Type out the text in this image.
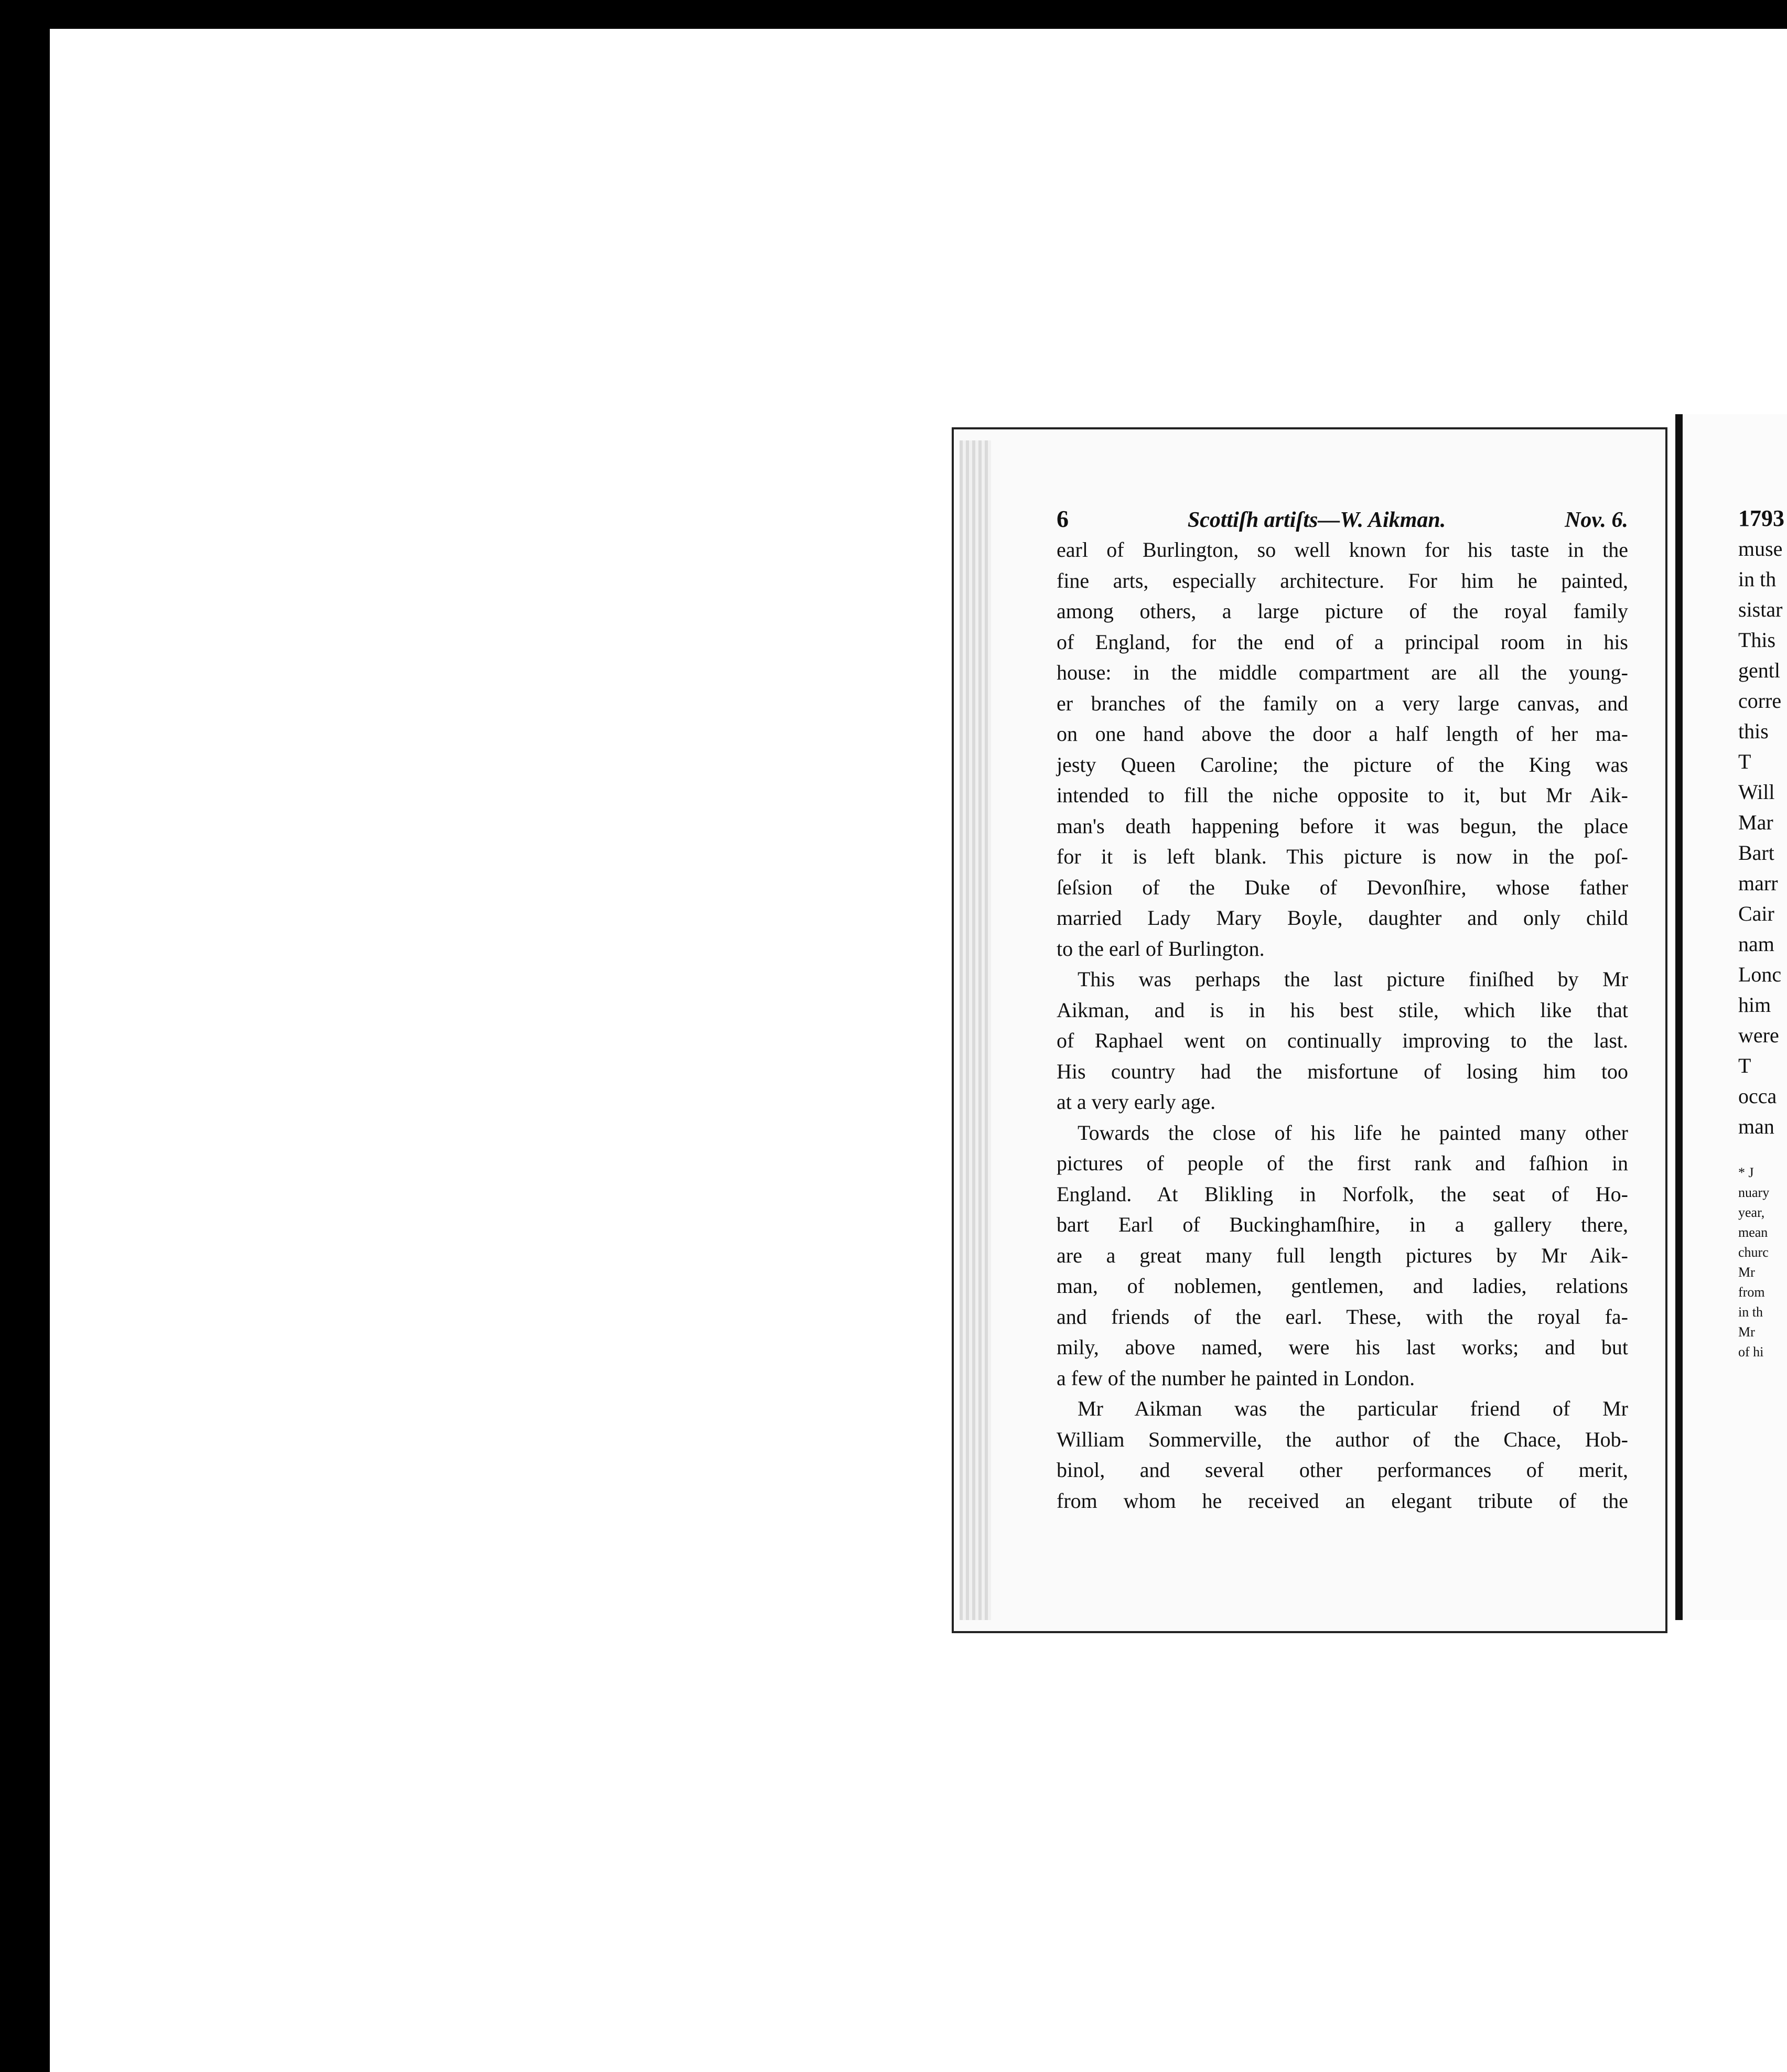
6	Scottiſh artiſts—W. Aikman.	Nov. 6.
earl of Burlington, so well known for his taste in the
fine arts, especially architecture. For him he painted,
among others, a large picture of the royal family
of England, for the end of a principal room in his
house: in the middle compartment are all the young-
er branches of the family on a very large canvas, and
on one hand above the door a half length of her ma-
jesty Queen Caroline; the picture of the King was
intended to fill the niche opposite to it, but Mr Aik-
man's death happening before it was begun, the place
for it is left blank. This picture is now in the poſ-
ſeſsion of the Duke of Devonſhire, whose father
married Lady Mary Boyle, daughter and only child
to the earl of Burlington.
This was perhaps the last picture finiſhed by Mr
Aikman, and is in his best stile, which like that
of Raphael went on continually improving to the last.
His country had the misfortune of losing him too
at a very early age.
Towards the close of his life he painted many other
pictures of people of the first rank and faſhion in
England. At Blikling in Norfolk, the seat of Ho-
bart Earl of Buckinghamſhire, in a gallery there,
are a great many full length pictures by Mr Aik-
man, of noblemen, gentlemen, and ladies, relations
and friends of the earl. These, with the royal fa-
mily, above named, were his last works; and but
a few of the number he painted in London.
Mr Aikman was the particular friend of Mr
William Sommerville, the author of the Chace, Hob-
binol, and several other performances of merit,
from whom he received an elegant tribute of the
1793
muse
in th
sistar
This
gentl
corre
this
T
Will
Mar
Bart
marr
Cair
nam
Lonc
him
were
T
occa
man
* J
nuary
year,
mean
churc
Mr
from
in th
Mr
of hi
